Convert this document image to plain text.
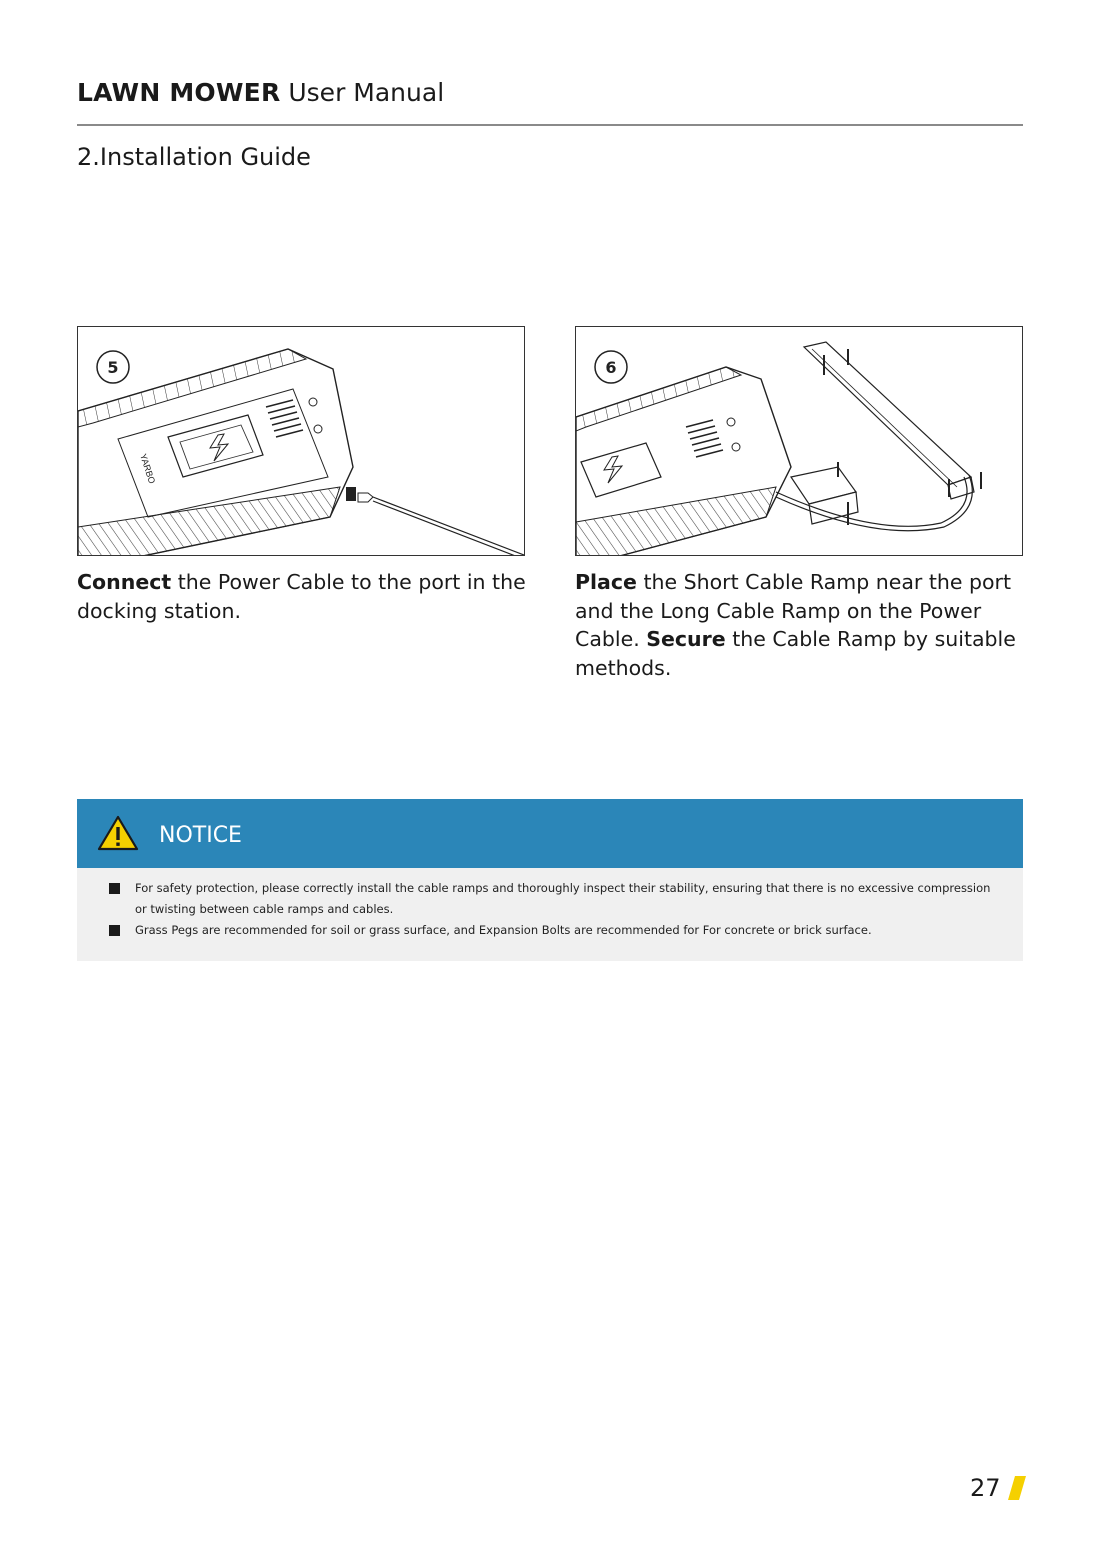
LAWN MOWER User Manual
2.Installation Guide
YARBO
5	6
Connect the Power Cable to the port in the docking station.
Place the Short Cable Ramp near the port and the Long Cable Ramp on the Power Cable. Secure the Cable Ramp by suitable methods.
NOTICE
For safety protection, please correctly install the cable ramps and thoroughly inspect their stability, ensuring that there is no excessive compression or twisting between cable ramps and cables.
Grass Pegs are recommended for soil or grass surface, and Expansion Bolts are recommended for For concrete or brick surface.
27
